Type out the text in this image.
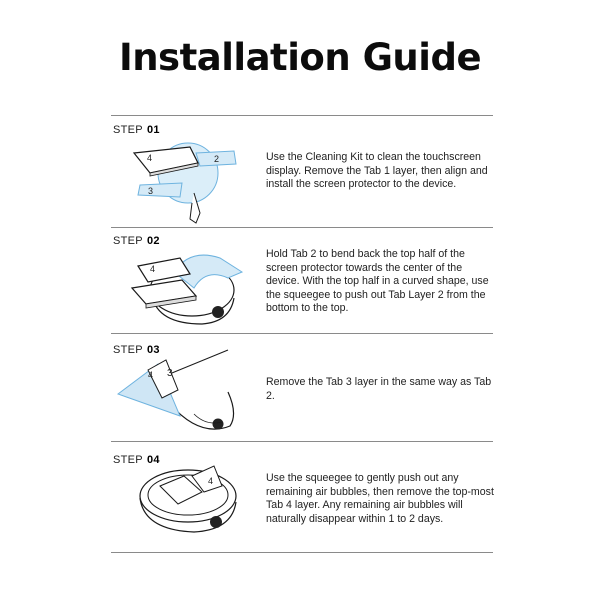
Installation Guide
STEP 01
Use the Cleaning Kit to clean the touchscreen display. Remove the Tab 1 layer, then align and install the screen protector to the device.
4	2
3
STEP 02
Hold Tab 2 to bend back the top half of the screen protector towards the center of the device. With the top half in a curved shape, use the squeegee to push out Tab Layer 2 from the bottom to the top.
4
STEP 03
Remove the Tab 3 layer in the same way as Tab 2.
4 3
STEP 04
Use the squeegee to gently push out any remaining air bubbles, then remove the top-most Tab 4 layer. Any remaining air bubbles will naturally disappear within 1 to 2 days.
4
